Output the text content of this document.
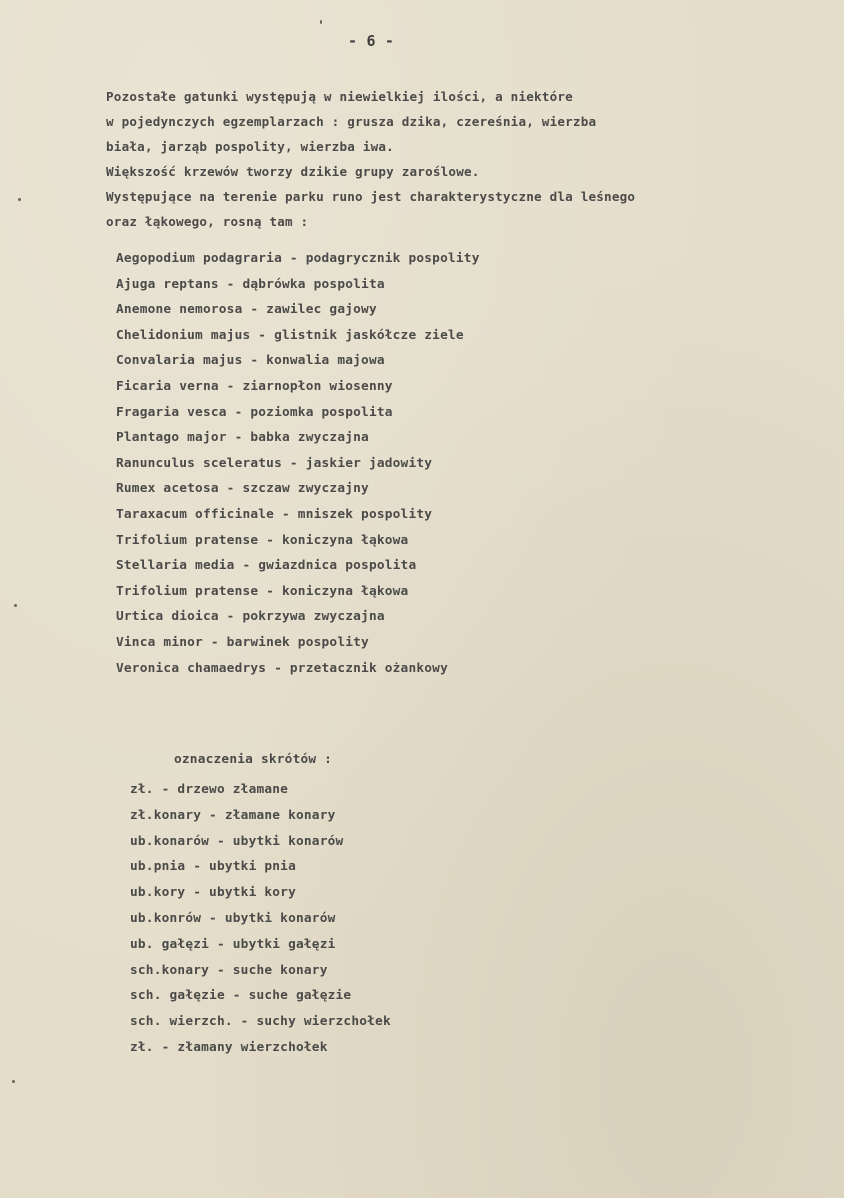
- 6 -
Pozostałe gatunki występują w niewielkiej ilości, a niektóre
w pojedynczych egzemplarzach : grusza dzika, czereśnia, wierzba
biała, jarząb pospolity, wierzba iwa.
Większość krzewów tworzy dzikie grupy zaroślowe.
Występujące na terenie parku runo jest charakterystyczne dla leśnego
oraz łąkowego, rosną tam :
Aegopodium podagraria - podagrycznik pospolity
Ajuga reptans - dąbrówka pospolita
Anemone nemorosa - zawilec gajowy
Chelidonium majus - glistnik jaskółcze ziele
Convalaria majus - konwalia majowa
Ficaria verna - ziarnopłon wiosenny
Fragaria vesca - poziomka pospolita
Plantago major - babka zwyczajna
Ranunculus sceleratus - jaskier jadowity
Rumex acetosa - szczaw zwyczajny
Taraxacum officinale - mniszek pospolity
Trifolium pratense - koniczyna łąkowa
Stellaria media - gwiazdnica pospolita
Trifolium pratense - koniczyna łąkowa
Urtica dioica - pokrzywa zwyczajna
Vinca minor - barwinek pospolity
Veronica chamaedrys - przetacznik ożankowy
oznaczenia skrótów :
zł. - drzewo złamane
zł.konary - złamane konary
ub.konarów - ubytki konarów
ub.pnia - ubytki pnia
ub.kory - ubytki kory
ub.konrów - ubytki konarów
ub. gałęzi - ubytki gałęzi
sch.konary - suche konary
sch. gałęzie - suche gałęzie
sch. wierzch. - suchy wierzchołek
zł. - złamany wierzchołek
